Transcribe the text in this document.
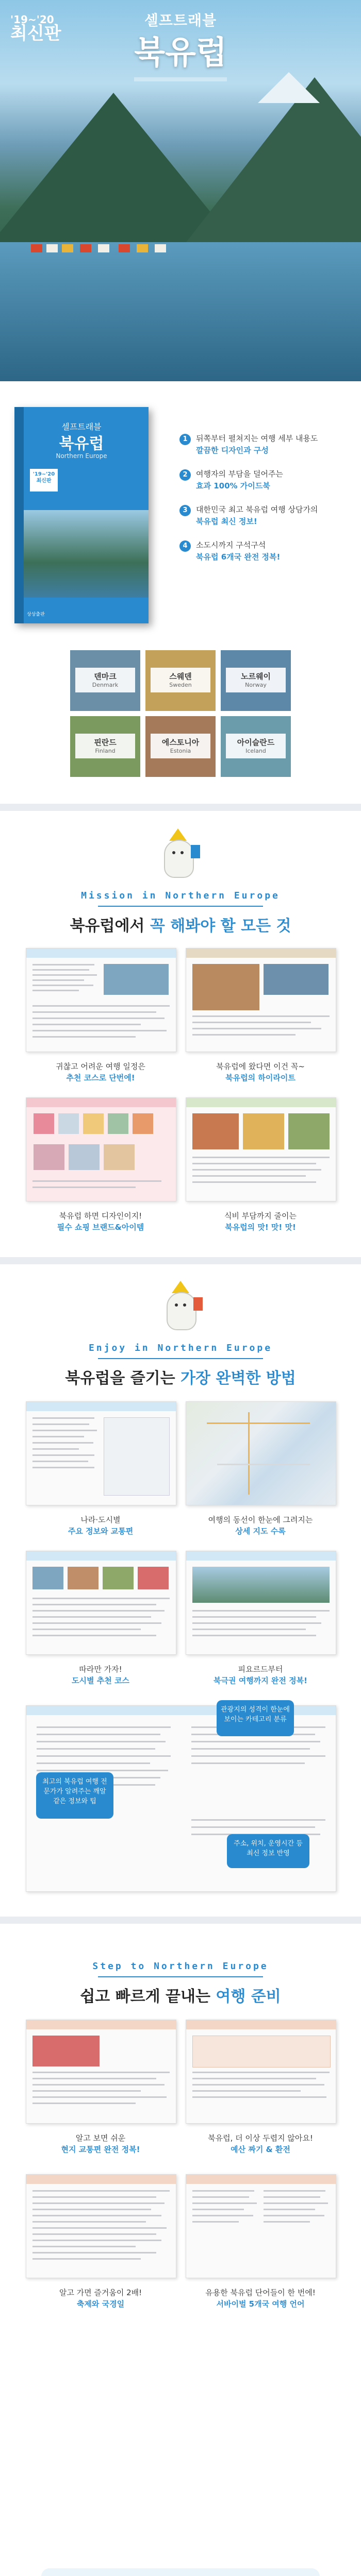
'19~'20
최신판
셀프트래블
북유럽
셀프트래블
북유럽
Northern Europe
'19~'20 최신판
상상출판
1	뒤쪽부터 펼쳐지는 여행 세부 내용도
깔끔한 디자인과 구성
2	여행자의 부담을 덜어주는
효과 100% 가이드북
3	대한민국 최고 북유럽 여행 상담가의
북유럽 최신 정보!
4	소도시까지 구석구석
북유럽 6개국 완전 정복!
덴마크
Denmark
스웨덴
Sweden
노르웨이
Norway
핀란드
Finland
에스토니아
Estonia
아이슬란드
Iceland
Mission in Northern Europe
북유럽에서 꼭 해봐야 할 모든 것
귀찮고 어려운 여행 일정은
추천 코스로 단번에!
북유럽에 왔다면 이건 꼭~
북유럽의 하이라이트
북유럽 하면 디자인이지!
필수 쇼핑 브랜드&아이템
식비 부담까지 줄이는
북유럽의 맛! 맛! 맛!
Enjoy in Northern Europe
북유럽을 즐기는 가장 완벽한 방법
나라·도시별
주요 정보와 교통편
여행의 동선이 한눈에 그려지는
상세 지도 수록
따라만 가자!
도시별 추천 코스
피요르드부터
북극권 여행까지 완전 정복!
관광지의 성격이 한눈에 보이는 카테고리 분류
최고의 북유럽 여행 전문가가 알려주는 깨알 같은 정보와 팁
주소, 위치, 운영시간 등 최신 정보 반영
Step to Northern Europe
쉽고 빠르게 끝내는 여행 준비
알고 보면 쉬운
현지 교통편 완전 정복!
북유럽, 더 이상 두렵지 않아요!
예산 짜기 & 환전
알고 가면 즐거움이 2배!
축제와 국경일
유용한 북유럽 단어들이 한 번에!
서바이벌 5개국 여행 언어
